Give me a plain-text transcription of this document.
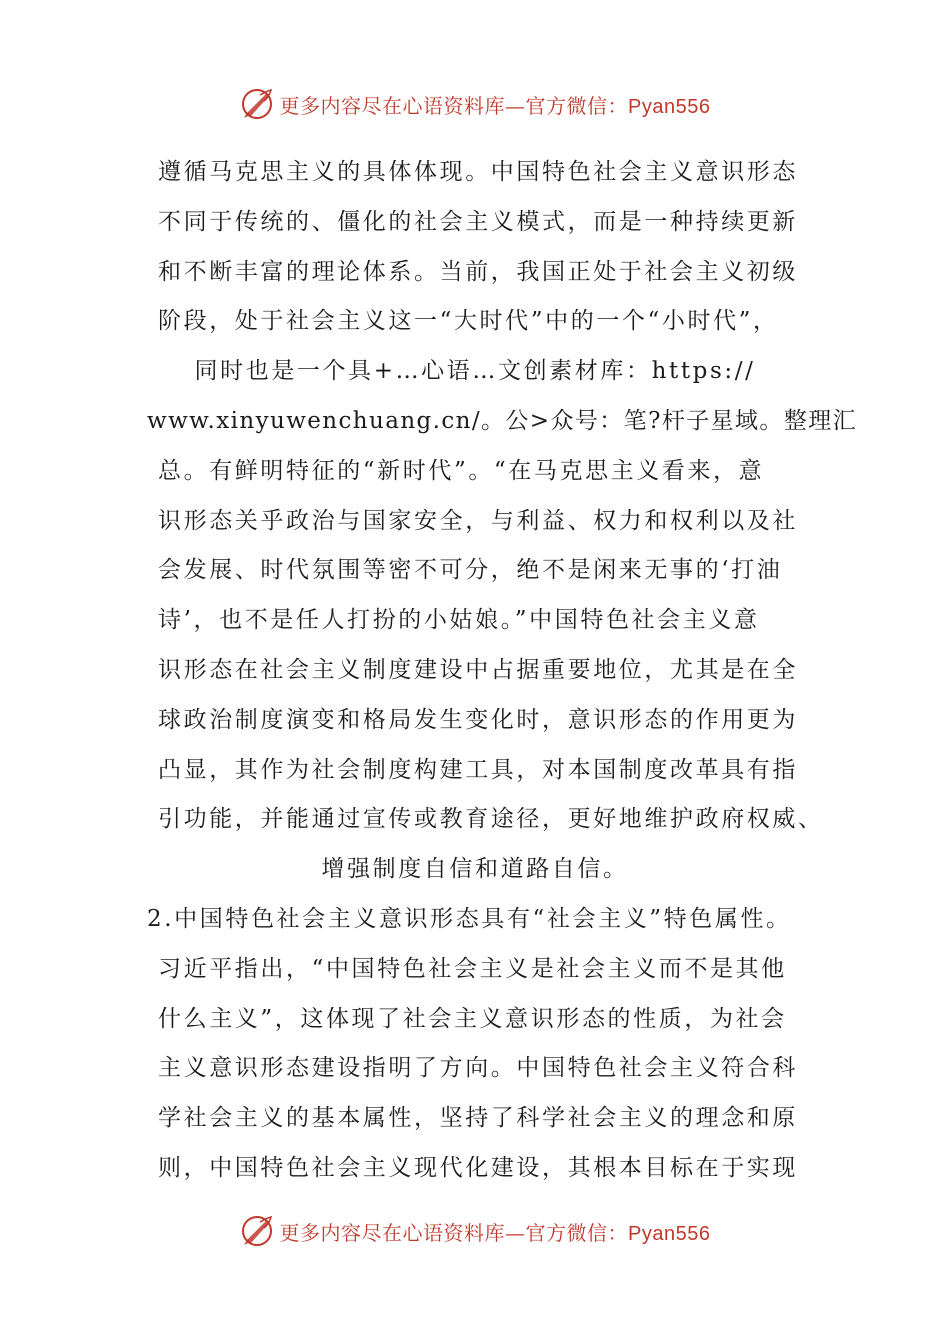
更多内容尽在心语资料库—官方微信：Pyan556
遵循马克思主义的具体体现。中国特色社会主义意识形态
不同于传统的、僵化的社会主义模式，而是一种持续更新
和不断丰富的理论体系。当前，我国正处于社会主义初级
阶段，处于社会主义这一“大时代”中的一个“小时代”，
同时也是一个具+…心语…文创素材库：https://
www.xinyuwenchuang.cn/。公>众号：笔?杆子星域。整理汇
总。有鲜明特征的“新时代”。“在马克思主义看来，意
识形态关乎政治与国家安全，与利益、权力和权利以及社
会发展、时代氛围等密不可分，绝不是闲来无事的‘打油
诗’，也不是任人打扮的小姑娘。”中国特色社会主义意
识形态在社会主义制度建设中占据重要地位，尤其是在全
球政治制度演变和格局发生变化时，意识形态的作用更为
凸显，其作为社会制度构建工具，对本国制度改革具有指
引功能，并能通过宣传或教育途径，更好地维护政府权威、
增强制度自信和道路自信。
2.中国特色社会主义意识形态具有“社会主义”特色属性。
习近平指出，“中国特色社会主义是社会主义而不是其他
什么主义”，这体现了社会主义意识形态的性质，为社会
主义意识形态建设指明了方向。中国特色社会主义符合科
学社会主义的基本属性，坚持了科学社会主义的理念和原
则，中国特色社会主义现代化建设，其根本目标在于实现
更多内容尽在心语资料库—官方微信：Pyan556
